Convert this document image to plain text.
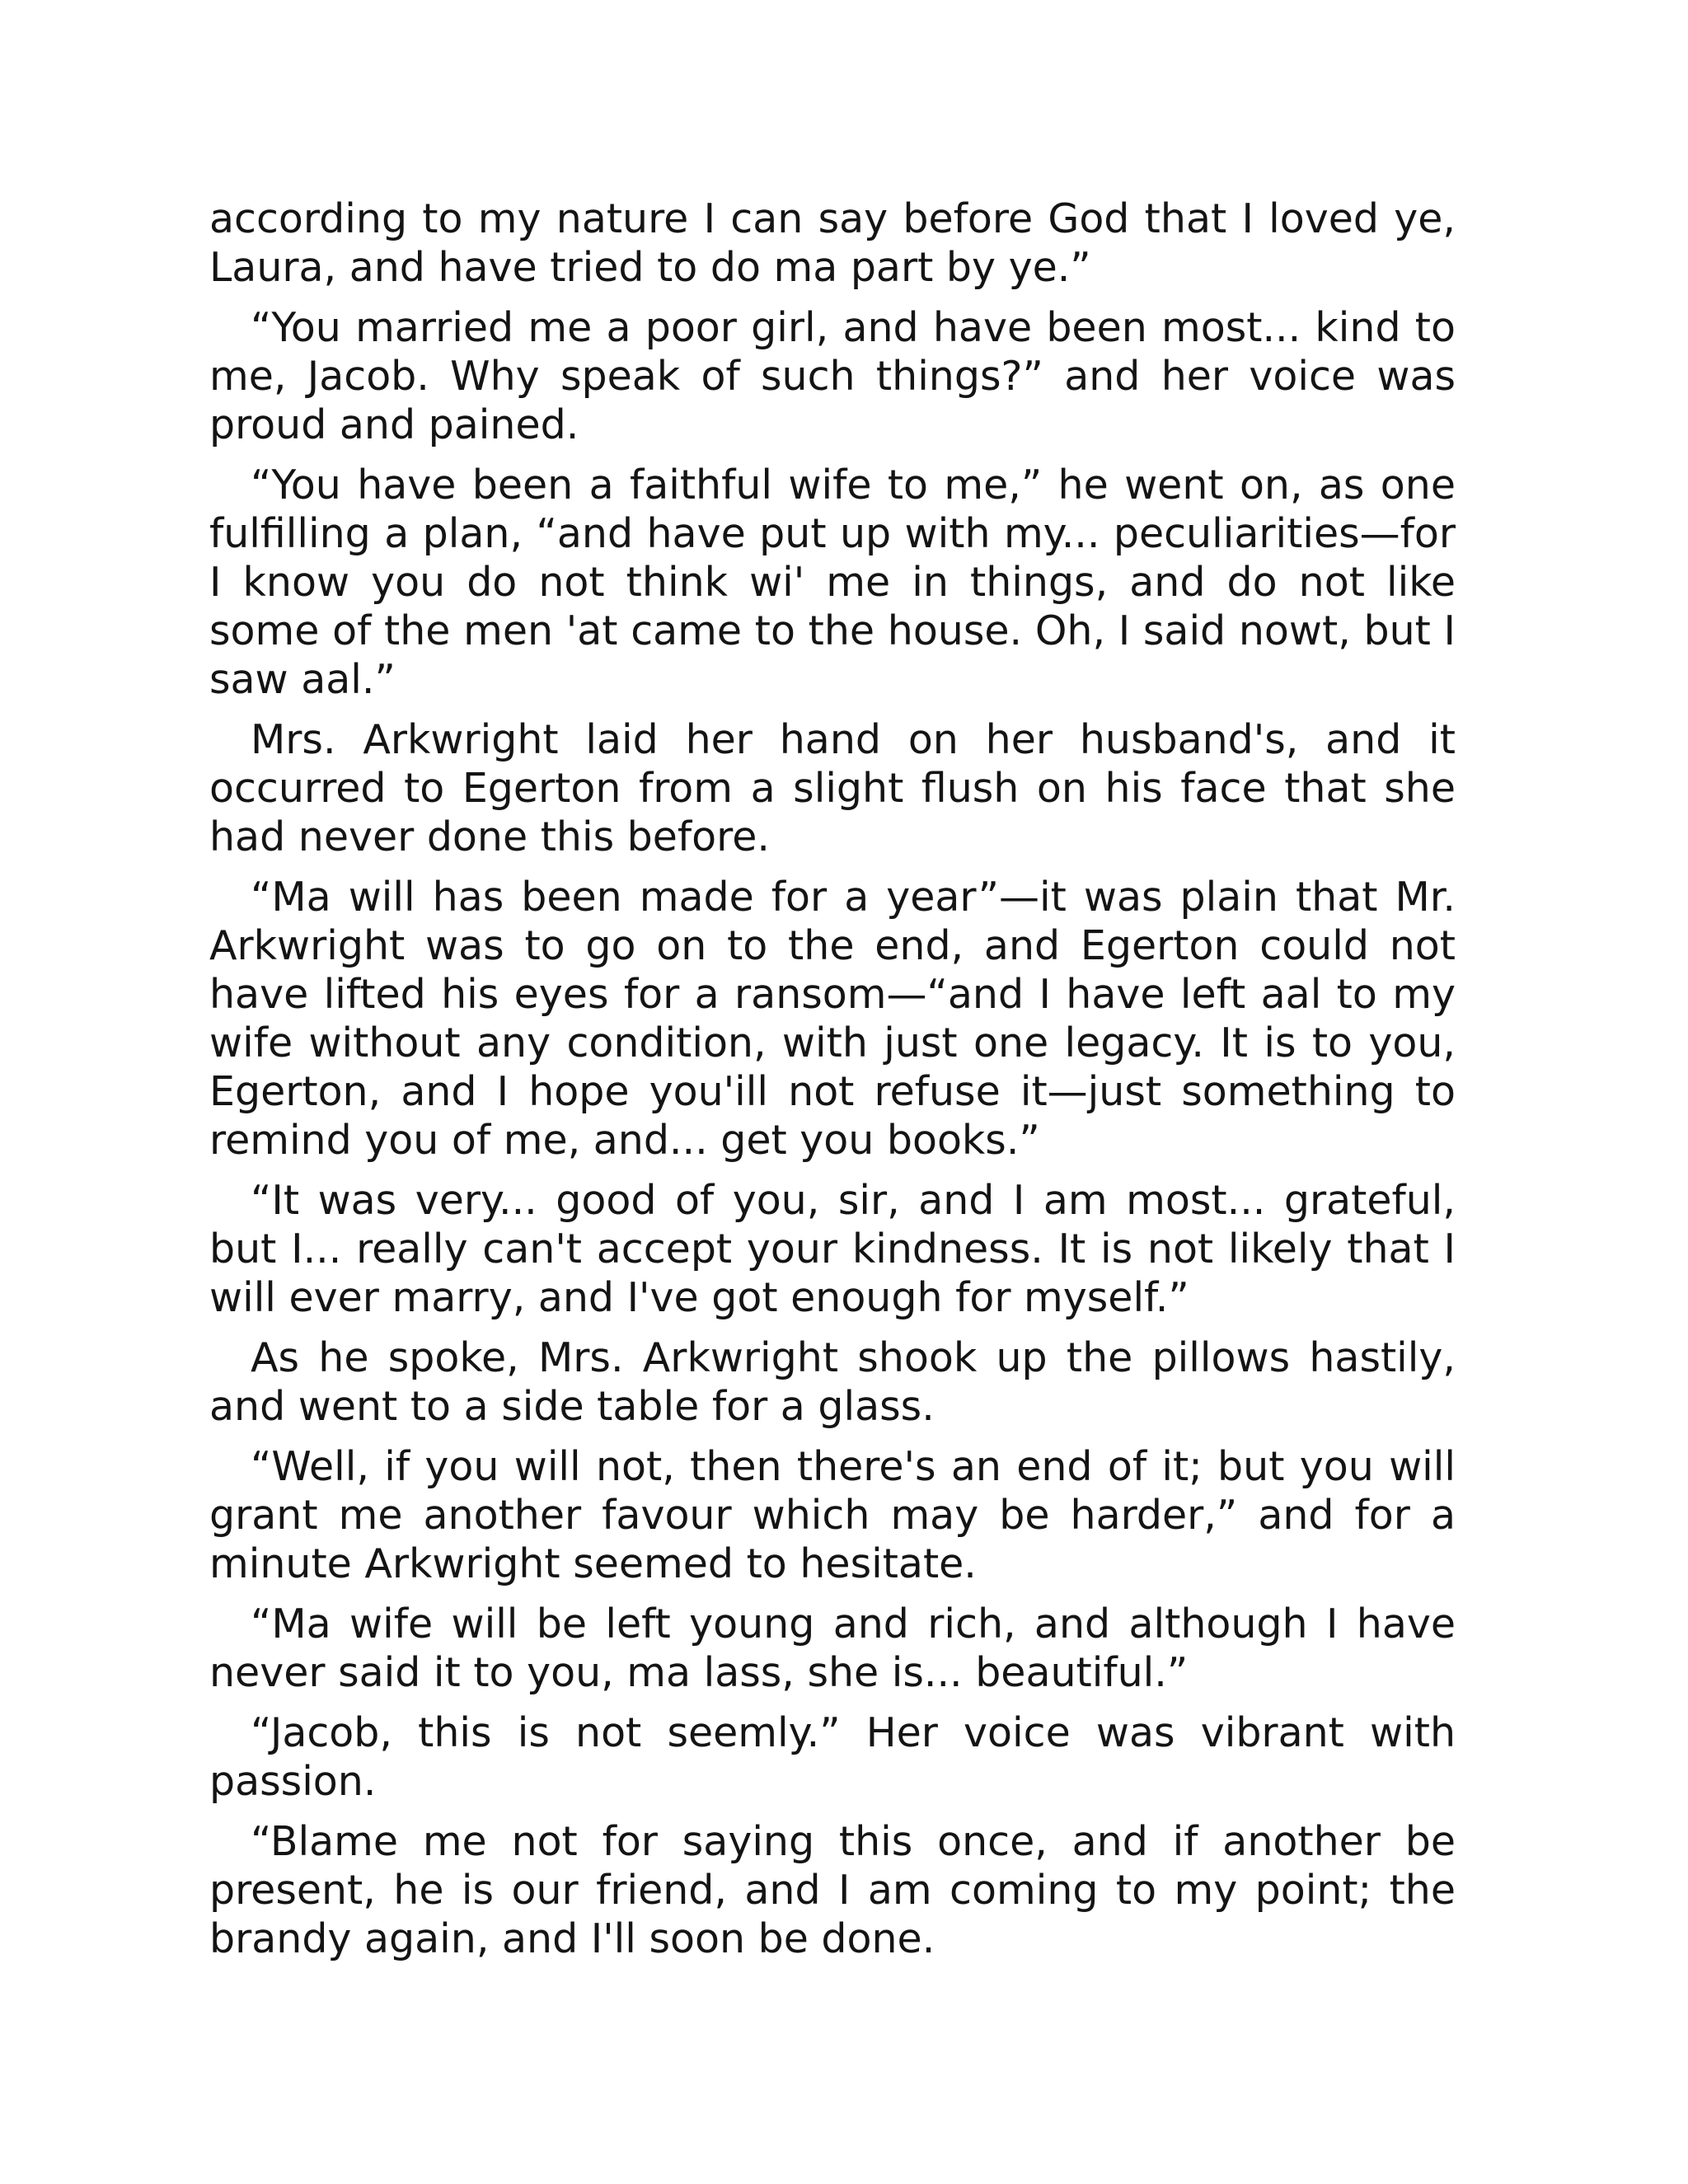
according to my nature I can say before God that I loved ye, Laura, and have tried to do ma part by ye.”

“You married me a poor girl, and have been most... kind to me, Jacob. Why speak of such things?” and her voice was proud and pained.

“You have been a faithful wife to me,” he went on, as one fulfilling a plan, “and have put up with my... peculiarities—for I know you do not think wi' me in things, and do not like some of the men 'at came to the house. Oh, I said nowt, but I saw aal.”

Mrs. Arkwright laid her hand on her husband's, and it occurred to Egerton from a slight flush on his face that she had never done this before.

“Ma will has been made for a year”—it was plain that Mr. Arkwright was to go on to the end, and Egerton could not have lifted his eyes for a ransom—“and I have left aal to my wife without any condition, with just one legacy. It is to you, Egerton, and I hope you'ill not refuse it—just something to remind you of me, and... get you books.”

“It was very... good of you, sir, and I am most... grateful, but I... really can't accept your kindness. It is not likely that I will ever marry, and I've got enough for myself.”

As he spoke, Mrs. Arkwright shook up the pillows hastily, and went to a side table for a glass.

“Well, if you will not, then there's an end of it; but you will grant me another favour which may be harder,” and for a minute Arkwright seemed to hesitate.

“Ma wife will be left young and rich, and although I have never said it to you, ma lass, she is... beautiful.”

“Jacob, this is not seemly.” Her voice was vibrant with passion.

“Blame me not for saying this once, and if another be present, he is our friend, and I am coming to my point; the brandy again, and I'll soon be done.
